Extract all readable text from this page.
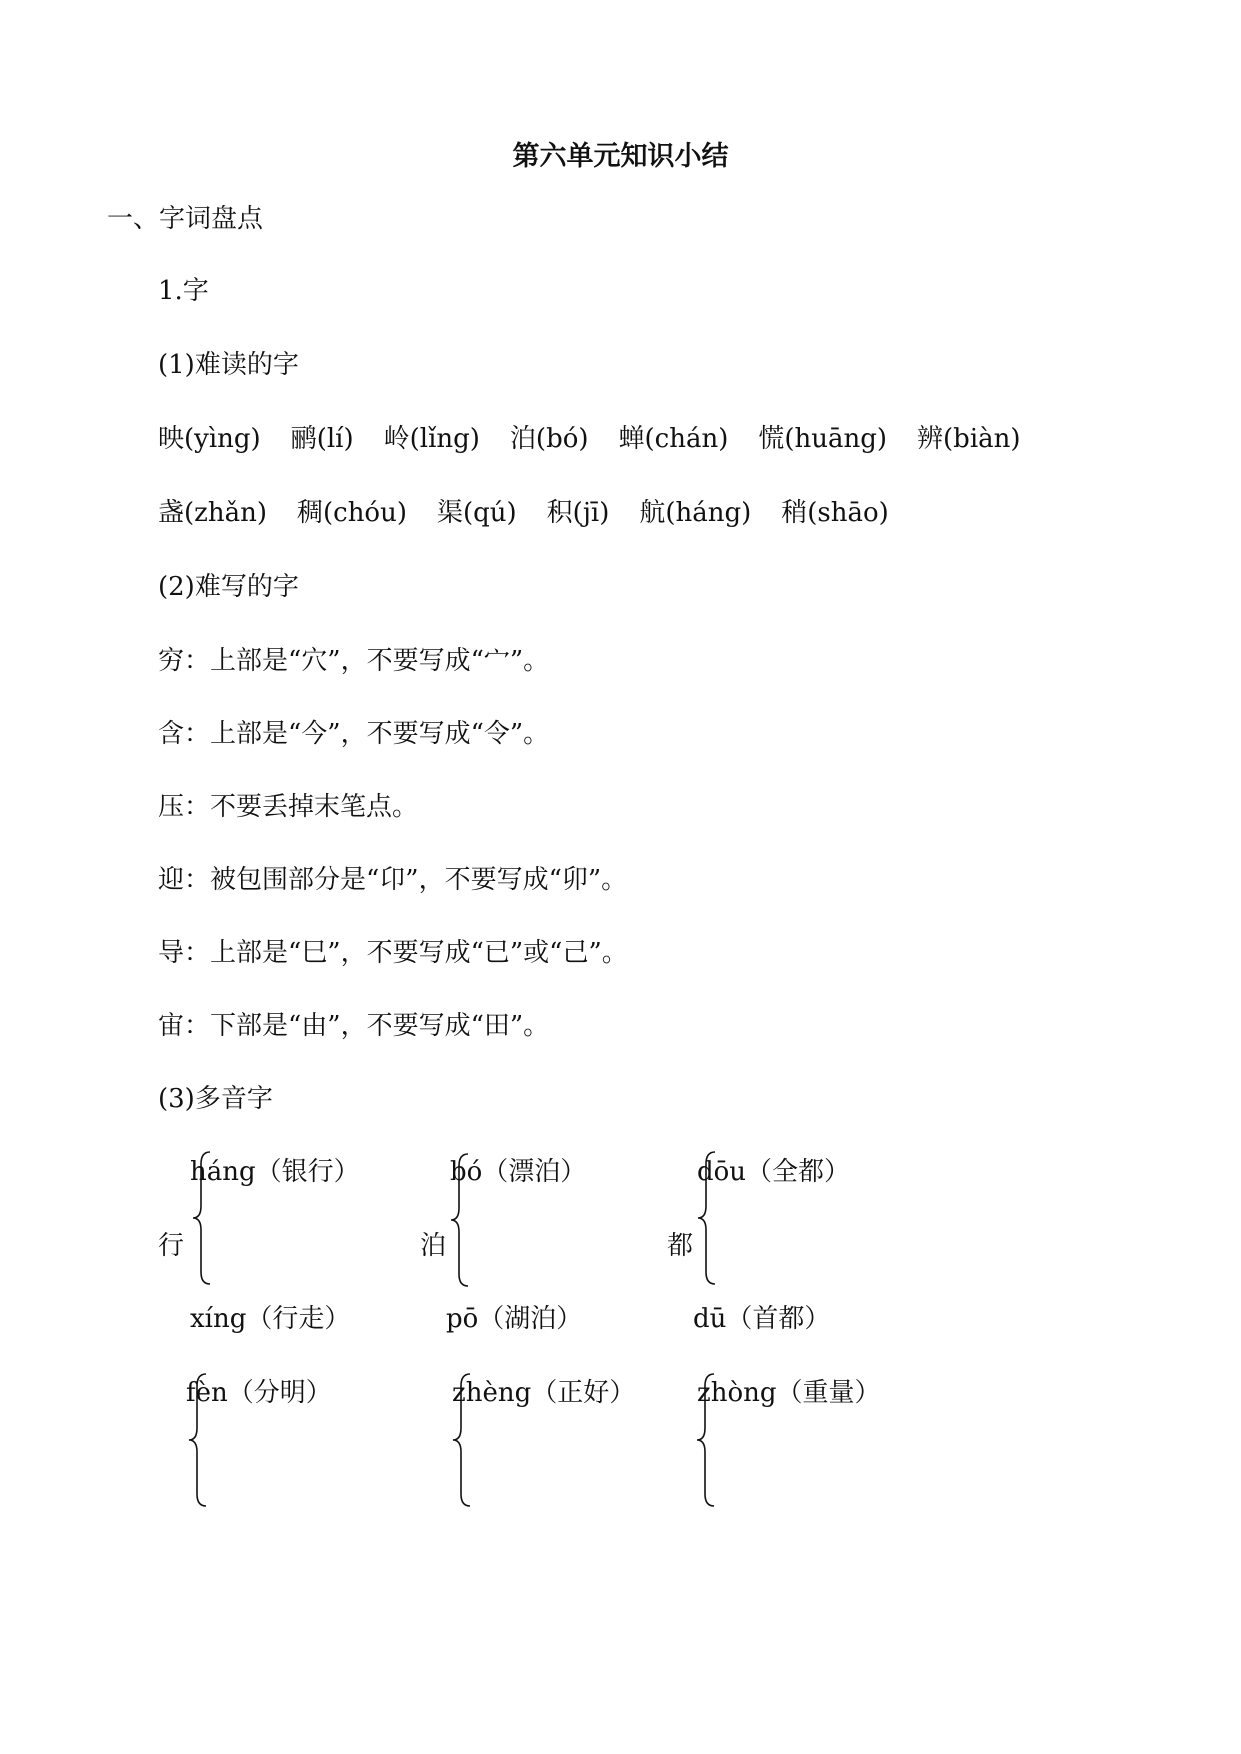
第六单元知识小结
一、字词盘点
1.字
(1)难读的字
映(yìng) 鹂(lí) 岭(lǐng) 泊(bó) 蝉(chán) 慌(huāng) 辨(biàn)
盏(zhǎn) 稠(chóu) 渠(qú) 积(jī) 航(háng) 稍(shāo)
(2)难写的字
穷：上部是“穴”，不要写成“宀”。
含：上部是“今”，不要写成“令”。
压：不要丢掉末笔点。
迎：被包围部分是“卬”，不要写成“卯”。
导：上部是“巳”，不要写成“已”或“己”。
宙：下部是“由”，不要写成“田”。
(3)多音字
háng（银行）
行
xíng（行走）
bó（漂泊）
泊
pō（湖泊）
dōu（全都）
都
dū（首都）
fèn（分明）	zhèng（正好） zhòng（重量）
